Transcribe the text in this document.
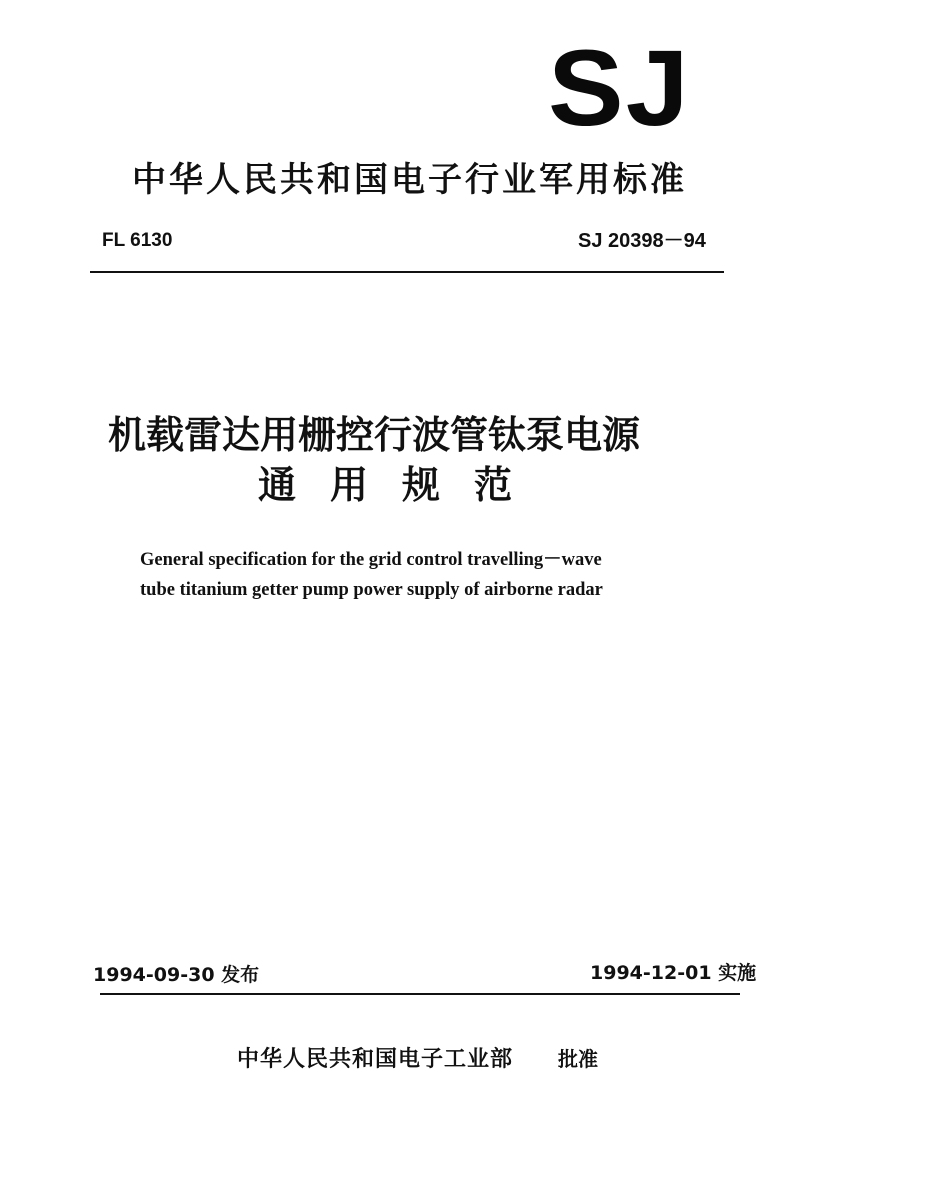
SJ
中华人民共和国电子行业军用标准
FL 6130	SJ 20398－94
机载雷达用栅控行波管钛泵电源
通用规范
General specification for the grid control travelling－wave
tube titanium getter pump power supply of airborne radar
1994-09-30 发布	1994-12-01 实施
中华人民共和国电子工业部 批准
